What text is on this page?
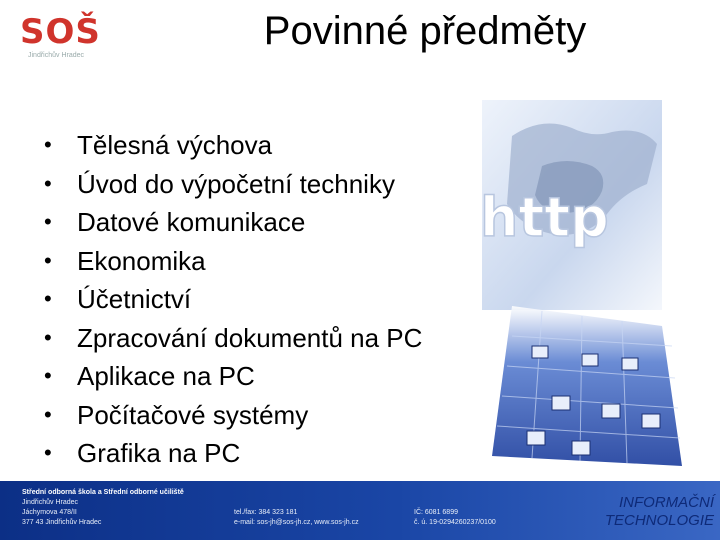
SOŠ
Jindřichův Hradec
Povinné předměty
• Tělesná výchova
• Úvod do výpočetní techniky
• Datové komunikace
• Ekonomika
• Účetnictví
• Zpracování dokumentů na PC
• Aplikace na PC
• Počítačové systémy
• Grafika na PC
http
Střední odborná škola a Střední odborné učiliště
Jindřichův Hradec
Jáchymova 478/II
377 43 Jindřichův Hradec
tel./fax: 384 323 181
e-mail: sos-jh@sos-jh.cz, www.sos-jh.cz
IČ: 6081 6899
č. ú. 19-0294260237/0100
INFORMAČNÍ
TECHNOLOGIE
